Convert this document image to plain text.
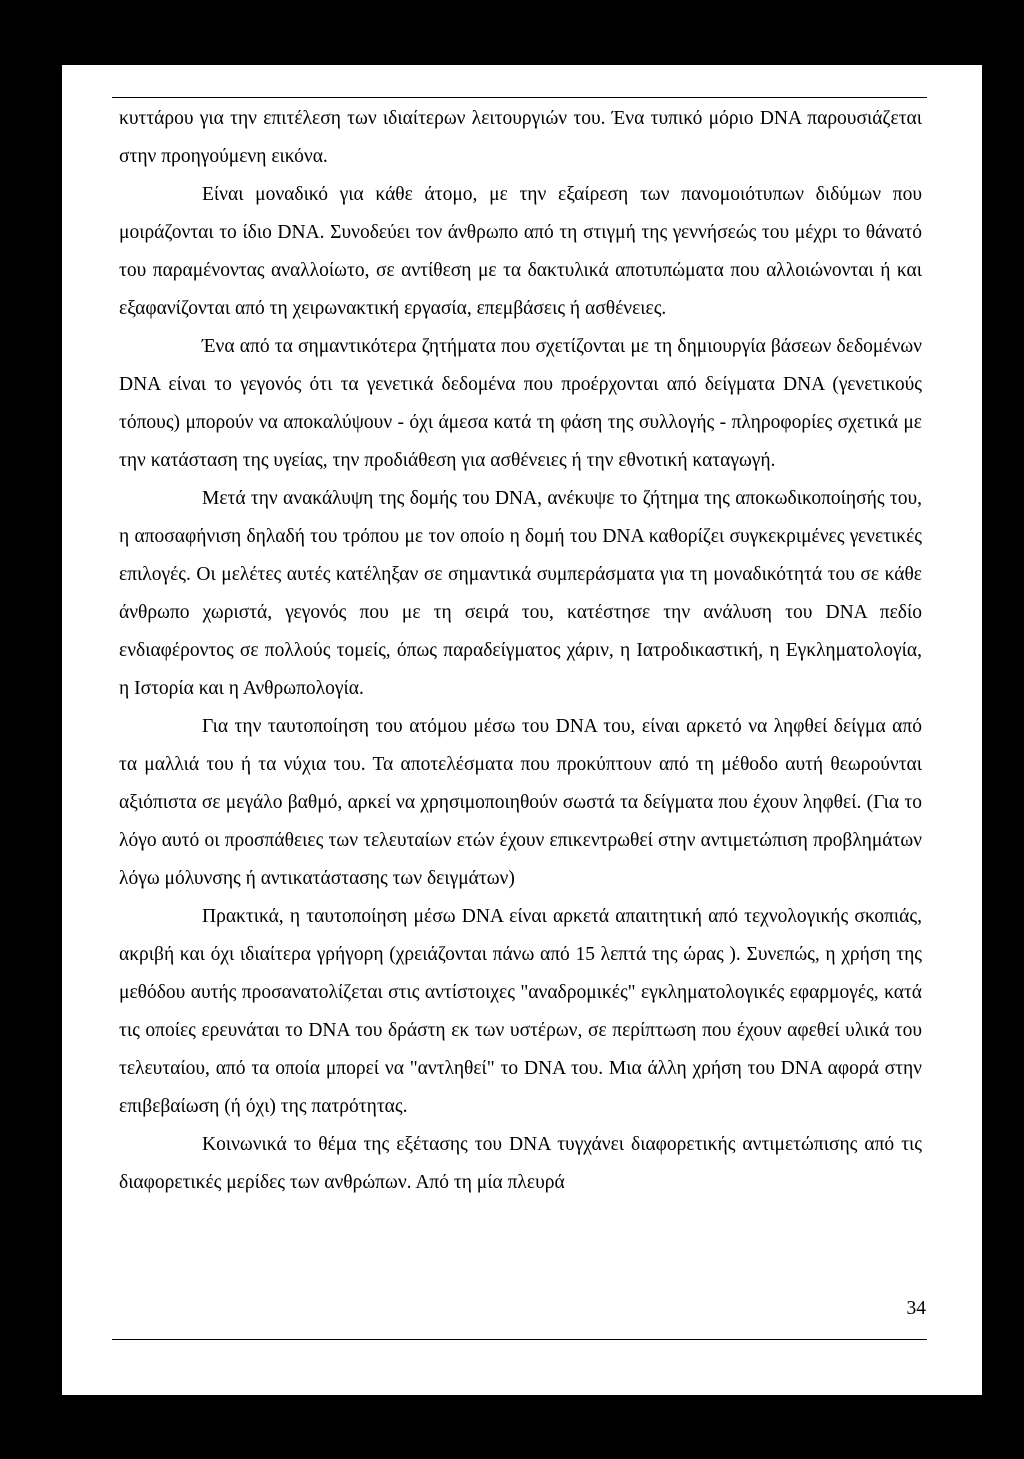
κυττάρου για την επιτέλεση των ιδιαίτερων λειτουργιών του. Ένα τυπικό μόριο DNA παρουσιάζεται στην προηγούμενη εικόνα.

Είναι μοναδικό για κάθε άτομο, με την εξαίρεση των πανομοιότυπων διδύμων που μοιράζονται το ίδιο DNA. Συνοδεύει τον άνθρωπο από τη στιγμή της γεννήσεώς του μέχρι το θάνατό του παραμένοντας αναλλοίωτο, σε αντίθεση με τα δακτυλικά αποτυπώματα που αλλοιώνονται ή και εξαφανίζονται από τη χειρωνακτική εργασία, επεμβάσεις ή ασθένειες.

Ένα από τα σημαντικότερα ζητήματα που σχετίζονται με τη δημιουργία βάσεων δεδομένων DNA είναι το γεγονός ότι τα γενετικά δεδομένα που προέρχονται από δείγματα DNA (γενετικούς τόπους) μπορούν να αποκαλύψουν - όχι άμεσα κατά τη φάση της συλλογής - πληροφορίες σχετικά με την κατάσταση της υγείας, την προδιάθεση για ασθένειες ή την εθνοτική καταγωγή.

Μετά την ανακάλυψη της δομής του DNA, ανέκυψε το ζήτημα της αποκωδικοποίησής του, η αποσαφήνιση δηλαδή του τρόπου με τον οποίο η δομή του DNA καθορίζει συγκεκριμένες γενετικές επιλογές. Οι μελέτες αυτές κατέληξαν σε σημαντικά συμπεράσματα για τη μοναδικότητά του σε κάθε άνθρωπο χωριστά, γεγονός που με τη σειρά του, κατέστησε την ανάλυση του DNA πεδίο ενδιαφέροντος σε πολλούς τομείς, όπως παραδείγματος χάριν, η Ιατροδικαστική, η Εγκληματολογία, η Ιστορία και η Ανθρωπολογία.

Για την ταυτοποίηση του ατόμου μέσω του DNA του, είναι αρκετό να ληφθεί δείγμα από τα μαλλιά του ή τα νύχια του. Τα αποτελέσματα που προκύπτουν από τη μέθοδο αυτή θεωρούνται αξιόπιστα σε μεγάλο βαθμό, αρκεί να χρησιμοποιηθούν σωστά τα δείγματα που έχουν ληφθεί. (Για το λόγο αυτό οι προσπάθειες των τελευταίων ετών έχουν επικεντρωθεί στην αντιμετώπιση προβλημάτων λόγω μόλυνσης ή αντικατάστασης των δειγμάτων)

Πρακτικά, η ταυτοποίηση μέσω DNA είναι αρκετά απαιτητική από τεχνολογικής σκοπιάς, ακριβή και όχι ιδιαίτερα γρήγορη (χρειάζονται πάνω από 15 λεπτά της ώρας ). Συνεπώς, η χρήση της μεθόδου αυτής προσανατολίζεται στις αντίστοιχες "αναδρομικές" εγκληματολογικές εφαρμογές, κατά τις οποίες ερευνάται το DNA του δράστη εκ των υστέρων, σε περίπτωση που έχουν αφεθεί υλικά του τελευταίου, από τα οποία μπορεί να "αντληθεί" το DNA του. Μια άλλη χρήση του DNA αφορά στην επιβεβαίωση (ή όχι) της πατρότητας.

Κοινωνικά το θέμα της εξέτασης του DNA τυγχάνει διαφορετικής αντιμετώπισης από τις διαφορετικές μερίδες των ανθρώπων. Από τη μία πλευρά

34
